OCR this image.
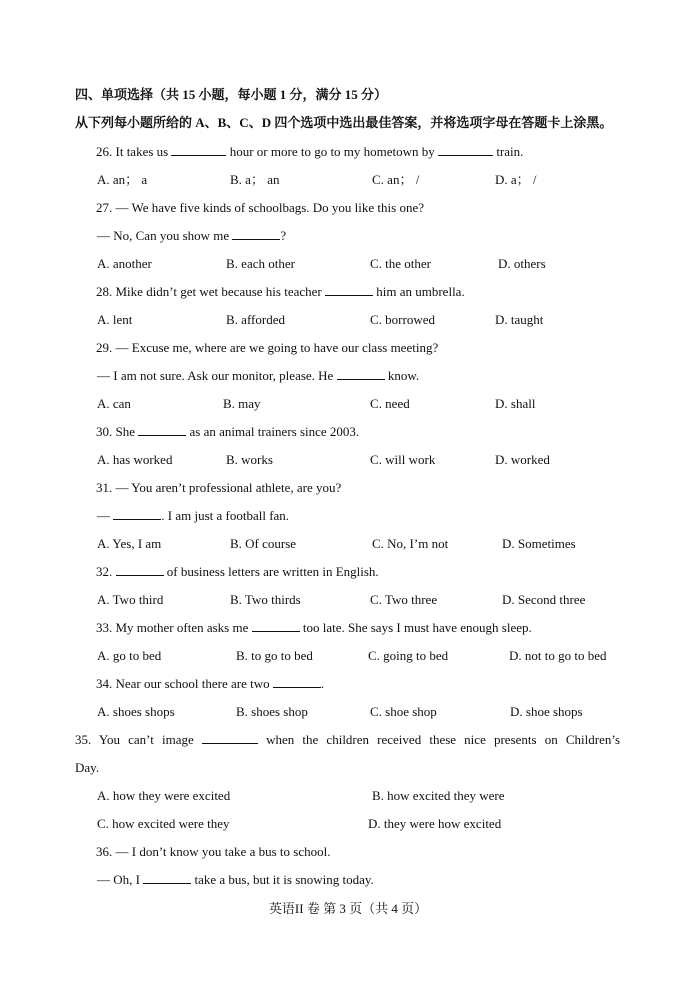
四、单项选择（共 15 小题，每小题 1 分，满分 15 分）
从下列每小题所给的 A、B、C、D 四个选项中选出最佳答案，并将选项字母在答题卡上涂黑。
26. It takes us	hour or more to go to my hometown by	train.
A. an； a	B. a； an	C. an； /	D. a； /
27. — We have five kinds of schoolbags. Do you like this one?
— No, Can you show me	?
A. another	B. each other	C. the other	D. others
28. Mike didn’t get wet because his teacher	him an umbrella.
A. lent	B. afforded	C. borrowed	D. taught
29. — Excuse me, where are we going to have our class meeting?
— I am not sure. Ask our monitor, please. He	know.
A. can	B. may	C. need	D. shall
30. She	as an animal trainers since 2003.
A. has worked	B. works	C. will work	D. worked
31. — You aren’t professional athlete, are you?
—	. I am just a football fan.
A. Yes, I am	B. Of course	C. No, I’m not	D. Sometimes
32.	of business letters are written in English.
A. Two third	B. Two thirds	C. Two three	D. Second three
33. My mother often asks me	too late. She says I must have enough sleep.
A. go to bed	B. to go to bed	C. going to bed	D. not to go to bed
34. Near our school there are two	.
A. shoes shops	B. shoes shop	C. shoe shop	D. shoe shops
35. You can’t image	when the children received these nice presents on Children’s
Day.
A. how they were excited	B. how excited they were
C. how excited were they	D. they were how excited
36. — I don’t know you take a bus to school.
— Oh, I	take a bus, but it is snowing today.
英语II 卷 第 3 页（共 4 页）
